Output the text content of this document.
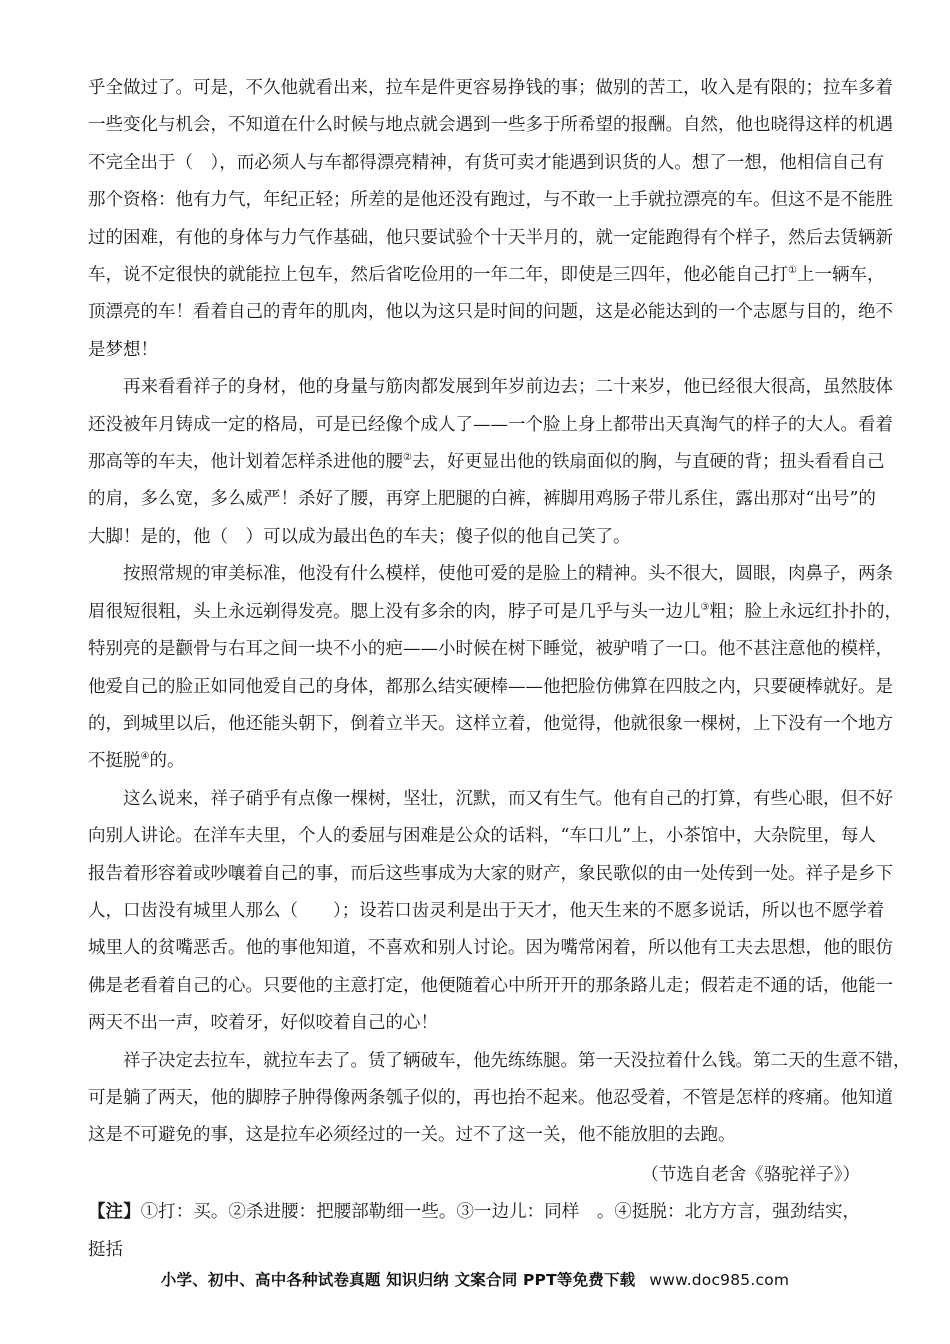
乎全做过了。可是，不久他就看出来，拉车是件更容易挣钱的事；做别的苦工，收入是有限的；拉车多着
一些变化与机会，不知道在什么时候与地点就会遇到一些多于所希望的报酬。自然，他也晓得这样的机遇
不完全出于（　），而必须人与车都得漂亮精神，有货可卖才能遇到识货的人。想了一想，他相信自己有
那个资格：他有力气，年纪正轻；所差的是他还没有跑过，与不敢一上手就拉漂亮的车。但这不是不能胜
过的困难，有他的身体与力气作基础，他只要试验个十天半月的，就一定能跑得有个样子，然后去赁辆新
车，说不定很快的就能拉上包车，然后省吃俭用的一年二年，即使是三四年，他必能自己打①上一辆车，
顶漂亮的车！看着自己的青年的肌肉，他以为这只是时间的问题，这是必能达到的一个志愿与目的，绝不
是梦想！
再来看看祥子的身材，他的身量与筋肉都发展到年岁前边去；二十来岁，他已经很大很高，虽然肢体
还没被年月铸成一定的格局，可是已经像个成人了——一个脸上身上都带出天真淘气的样子的大人。看着
那高等的车夫，他计划着怎样杀进他的腰②去，好更显出他的铁扇面似的胸，与直硬的背；扭头看看自己
的肩，多么宽，多么威严！杀好了腰，再穿上肥腿的白裤，裤脚用鸡肠子带儿系住，露出那对“出号”的
大脚！是的，他（　）可以成为最出色的车夫；傻子似的他自己笑了。
按照常规的审美标准，他没有什么模样，使他可爱的是脸上的精神。头不很大，圆眼，肉鼻子，两条
眉很短很粗，头上永远剃得发亮。腮上没有多余的肉，脖子可是几乎与头一边儿③粗；脸上永远红扑扑的，
特别亮的是颧骨与右耳之间一块不小的疤——小时候在树下睡觉，被驴啃了一口。他不甚注意他的模样，
他爱自己的脸正如同他爱自己的身体，都那么结实硬棒——他把脸仿佛算在四肢之内，只要硬棒就好。是
的，到城里以后，他还能头朝下，倒着立半天。这样立着，他觉得，他就很象一棵树，上下没有一个地方
不挺脱④的。
这么说来，祥子硝乎有点像一棵树，坚壮，沉默，而又有生气。他有自己的打算，有些心眼，但不好
向别人讲论。在洋车夫里，个人的委屈与困难是公众的话料，“车口儿”上，小茶馆中，大杂院里，每人
报告着形容着或吵嚷着自己的事，而后这些事成为大家的财产，象民歌似的由一处传到一处。祥子是乡下
人，口齿没有城里人那么（　　）；设若口齿灵利是出于天才，他天生来的不愿多说话，所以也不愿学着
城里人的贫嘴恶舌。他的事他知道，不喜欢和别人讨论。因为嘴常闲着，所以他有工夫去思想，他的眼仿
佛是老看着自己的心。只要他的主意打定，他便随着心中所开开的那条路儿走；假若走不通的话，他能一
两天不出一声，咬着牙，好似咬着自己的心！
祥子决定去拉车，就拉车去了。赁了辆破车，他先练练腿。第一天没拉着什么钱。第二天的生意不错，
可是躺了两天，他的脚脖子肿得像两条瓠子似的，再也抬不起来。他忍受着，不管是怎样的疼痛。他知道
这是不可避免的事，这是拉车必须经过的一关。过不了这一关，他不能放胆的去跑。
（节选自老舍《骆驼祥子》）
【注】①打：买。②杀进腰：把腰部勒细一些。③一边儿：同样　。④挺脱：北方方言，强劲结实，挺括
小学、初中、高中各种试卷真题 知识归纳 文案合同 PPT等免费下载 www.doc985.com
